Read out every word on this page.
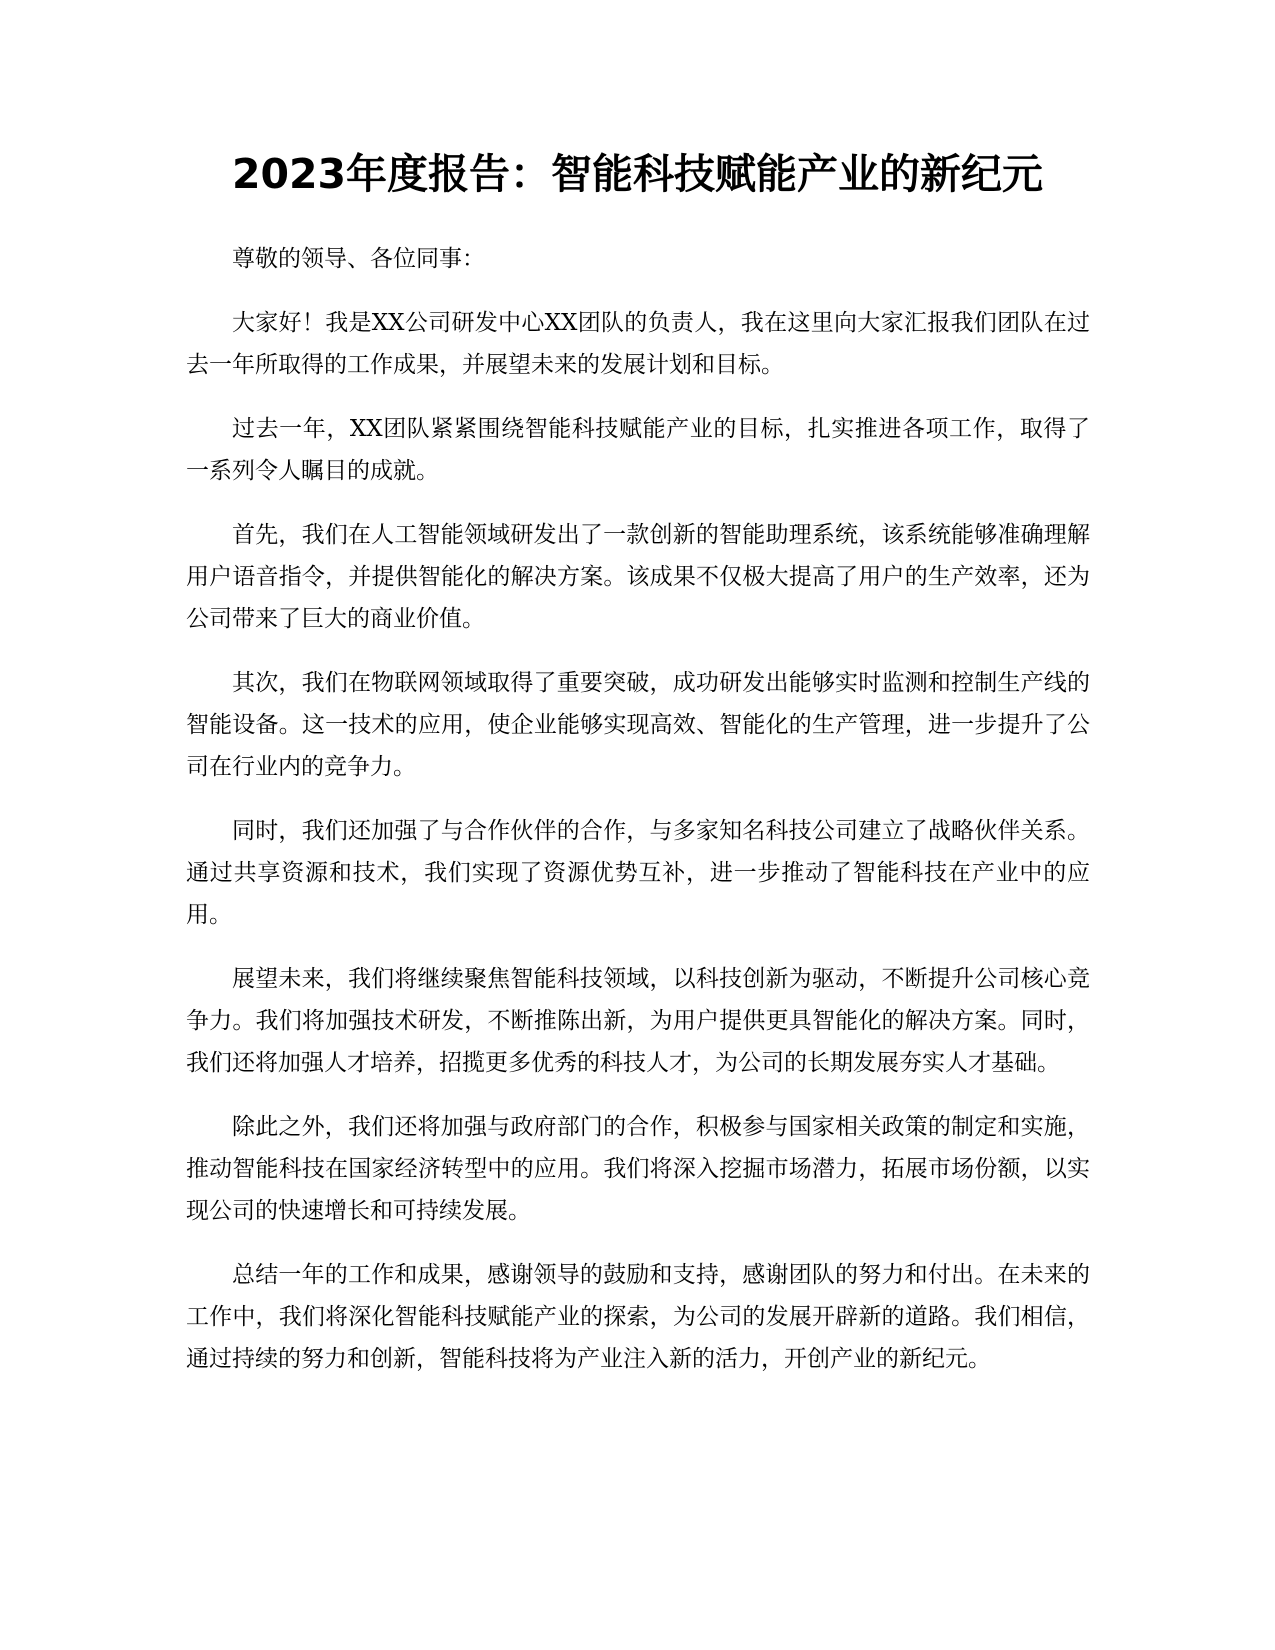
2023年度报告：智能科技赋能产业的新纪元

尊敬的领导、各位同事：

大家好！我是XX公司研发中心XX团队的负责人，我在这里向大家汇报我们团队在过去一年所取得的工作成果，并展望未来的发展计划和目标。

过去一年，XX团队紧紧围绕智能科技赋能产业的目标，扎实推进各项工作，取得了一系列令人瞩目的成就。

首先，我们在人工智能领域研发出了一款创新的智能助理系统，该系统能够准确理解用户语音指令，并提供智能化的解决方案。该成果不仅极大提高了用户的生产效率，还为公司带来了巨大的商业价值。

其次，我们在物联网领域取得了重要突破，成功研发出能够实时监测和控制生产线的智能设备。这一技术的应用，使企业能够实现高效、智能化的生产管理，进一步提升了公司在行业内的竞争力。

同时，我们还加强了与合作伙伴的合作，与多家知名科技公司建立了战略伙伴关系。通过共享资源和技术，我们实现了资源优势互补，进一步推动了智能科技在产业中的应用。

展望未来，我们将继续聚焦智能科技领域，以科技创新为驱动，不断提升公司核心竞争力。我们将加强技术研发，不断推陈出新，为用户提供更具智能化的解决方案。同时，我们还将加强人才培养，招揽更多优秀的科技人才，为公司的长期发展夯实人才基础。

除此之外，我们还将加强与政府部门的合作，积极参与国家相关政策的制定和实施，推动智能科技在国家经济转型中的应用。我们将深入挖掘市场潜力，拓展市场份额，以实现公司的快速增长和可持续发展。

总结一年的工作和成果，感谢领导的鼓励和支持，感谢团队的努力和付出。在未来的工作中，我们将深化智能科技赋能产业的探索，为公司的发展开辟新的道路。我们相信，通过持续的努力和创新，智能科技将为产业注入新的活力，开创产业的新纪元。
